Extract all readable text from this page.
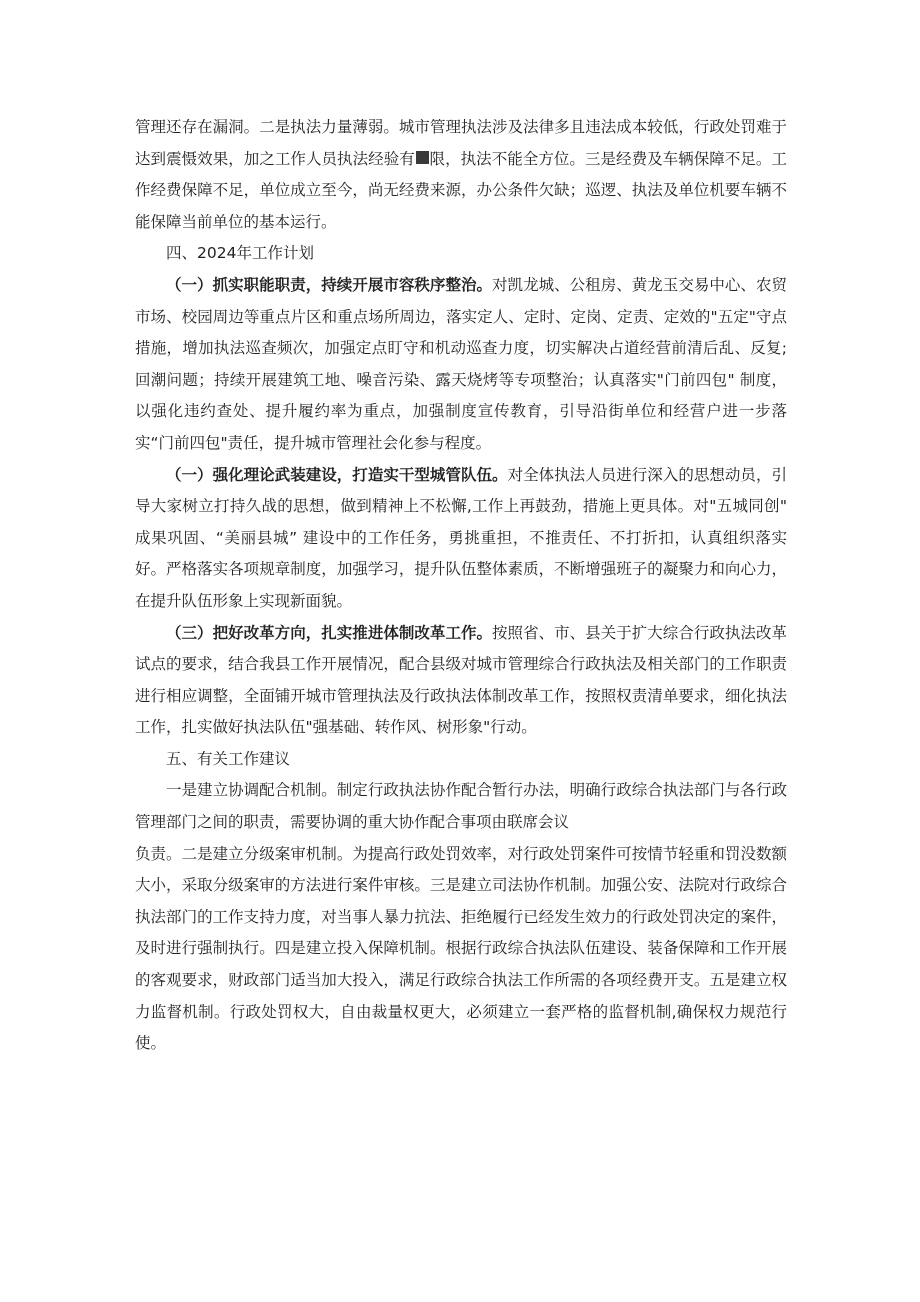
管理还存在漏洞。二是执法力量薄弱。城市管理执法涉及法律多且违法成本较低，行政处罚难于达到震慑效果，加之工作人员执法经验有 限，执法不能全方位。三是经费及车辆保障不足。工作经费保障不足，单位成立至今，尚无经费来源，办公条件欠缺；巡逻、执法及单位机要车辆不能保障当前单位的基本运行。

四、2024年工作计划

（一）抓实职能职责，持续开展市容秩序整治。对凯龙城、公租房、黄龙玉交易中心、农贸市场、校园周边等重点片区和重点场所周边，落实定人、定时、定岗、定责、定效的"五定"守点措施，增加执法巡查频次，加强定点盯守和机动巡查力度，切实解决占道经营前清后乱、反复;回潮问题；持续开展建筑工地、噪音污染、露天烧烤等专项整治；认真落实"门前四包" 制度，以强化违约查处、提升履约率为重点，加强制度宣传教育，引导沿街单位和经营户进一步落实“门前四包"责任，提升城市管理社会化参与程度。

（一）强化理论武装建设，打造实干型城管队伍。对全体执法人员进行深入的思想动员，引导大家树立打持久战的思想，做到精神上不松懈,工作上再鼓劲，措施上更具体。对"五城同创" 成果巩固、“美丽县城” 建设中的工作任务，勇挑重担，不推责任、不打折扣，认真组织落实好。严格落实各项规章制度，加强学习，提升队伍整体素质，不断增强班子的凝聚力和向心力，在提升队伍形象上实现新面貌。

（三）把好改革方向，扎实推进体制改革工作。按照省、市、县关于扩大综合行政执法改革试点的要求，结合我县工作开展情况，配合县级对城市管理综合行政执法及相关部门的工作职责进行相应调整，全面铺开城市管理执法及行政执法体制改革工作，按照权责清单要求，细化执法工作，扎实做好执法队伍"强基础、转作风、树形象"行动。

五、有关工作建议

一是建立协调配合机制。制定行政执法协作配合暂行办法，明确行政综合执法部门与各行政管理部门之间的职责，需要协调的重大协作配合事项由联席会议

负责。二是建立分级案审机制。为提高行政处罚效率，对行政处罚案件可按情节轻重和罚没数额大小，采取分级案审的方法进行案件审核。三是建立司法协作机制。加强公安、法院对行政综合执法部门的工作支持力度，对当事人暴力抗法、拒绝履行已经发生效力的行政处罚决定的案件，及时进行强制执行。四是建立投入保障机制。根据行政综合执法队伍建设、装备保障和工作开展的客观要求，财政部门适当加大投入，满足行政综合执法工作所需的各项经费开支。五是建立权力监督机制。行政处罚权大，自由裁量权更大，必须建立一套严格的监督机制,确保权力规范行使。
